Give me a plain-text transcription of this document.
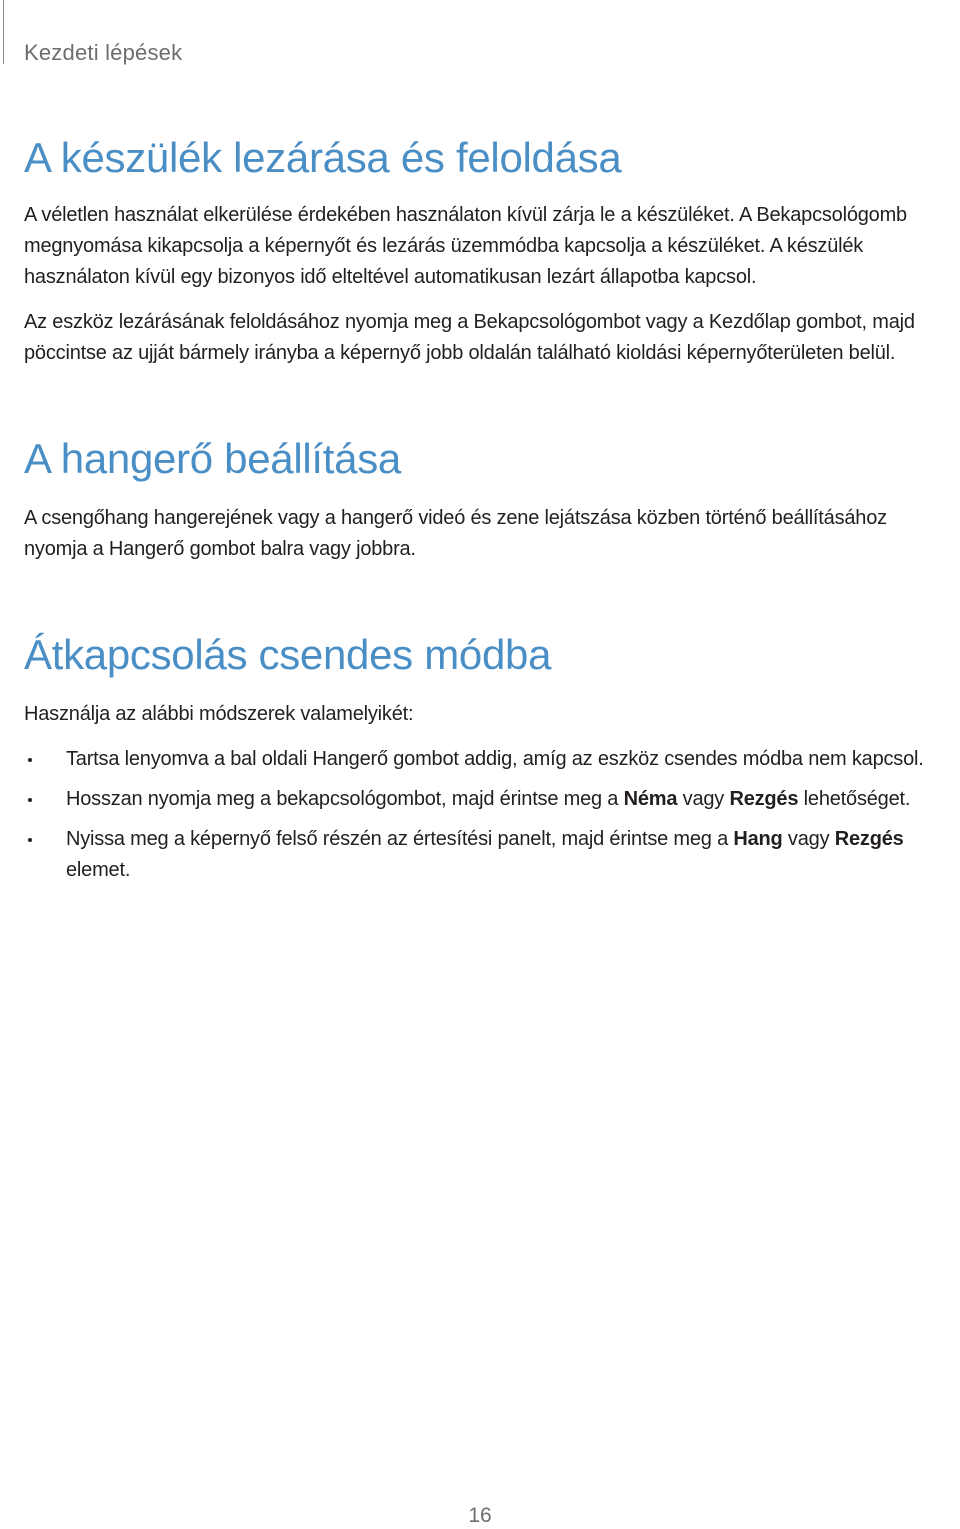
Kezdeti lépések
A készülék lezárása és feloldása

A véletlen használat elkerülése érdekében használaton kívül zárja le a készüléket. A Bekapcsológomb megnyomása kikapcsolja a képernyőt és lezárás üzemmódba kapcsolja a készüléket. A készülék használaton kívül egy bizonyos idő elteltével automatikusan lezárt állapotba kapcsol.

Az eszköz lezárásának feloldásához nyomja meg a Bekapcsológombot vagy a Kezdőlap gombot, majd pöccintse az ujját bármely irányba a képernyő jobb oldalán található kioldási képernyőterületen belül.

A hangerő beállítása

A csengőhang hangerejének vagy a hangerő videó és zene lejátszása közben történő beállításához nyomja a Hangerő gombot balra vagy jobbra.

Átkapcsolás csendes módba

Használja az alábbi módszerek valamelyikét:

Tartsa lenyomva a bal oldali Hangerő gombot addig, amíg az eszköz csendes módba nem kapcsol.
Hosszan nyomja meg a bekapcsológombot, majd érintse meg a Néma vagy Rezgés lehetőséget.
Nyissa meg a képernyő felső részén az értesítési panelt, majd érintse meg a Hang vagy Rezgés elemet.
16
